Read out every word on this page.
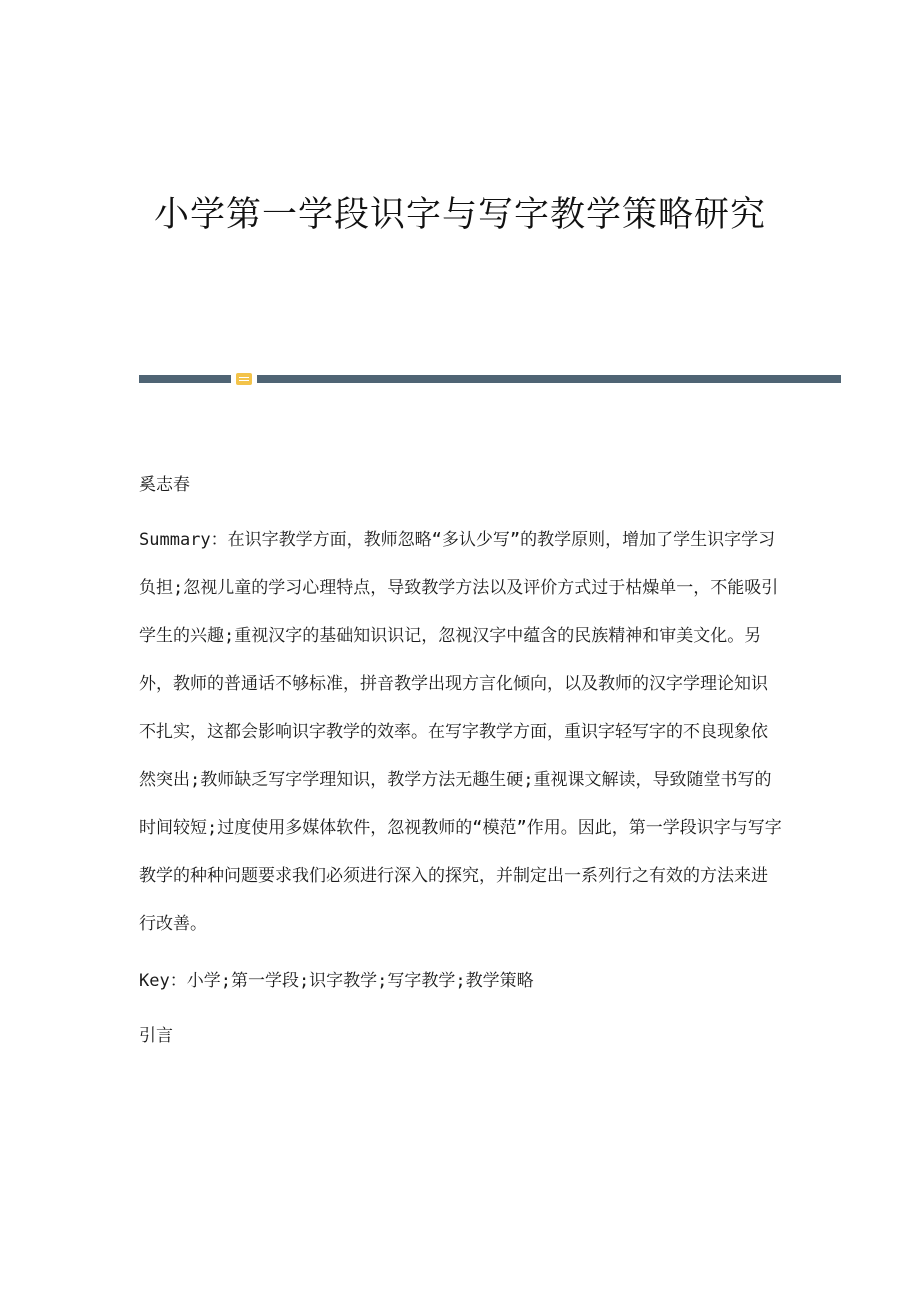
小学第一学段识字与写字教学策略研究
奚志春
Summary：在识字教学方面，教师忽略“多认少写”的教学原则，增加了学生识字学习负担;忽视儿童的学习心理特点，导致教学方法以及评价方式过于枯燥单一，不能吸引学生的兴趣;重视汉字的基础知识识记，忽视汉字中蕴含的民族精神和审美文化。另外，教师的普通话不够标准，拼音教学出现方言化倾向，以及教师的汉字学理论知识不扎实，这都会影响识字教学的效率。在写字教学方面，重识字轻写字的不良现象依然突出;教师缺乏写字学理知识，教学方法无趣生硬;重视课文解读，导致随堂书写的时间较短;过度使用多媒体软件，忽视教师的“模范”作用。因此，第一学段识字与写字教学的种种问题要求我们必须进行深入的探究，并制定出一系列行之有效的方法来进行改善。
Key：小学;第一学段;识字教学;写字教学;教学策略
引言
